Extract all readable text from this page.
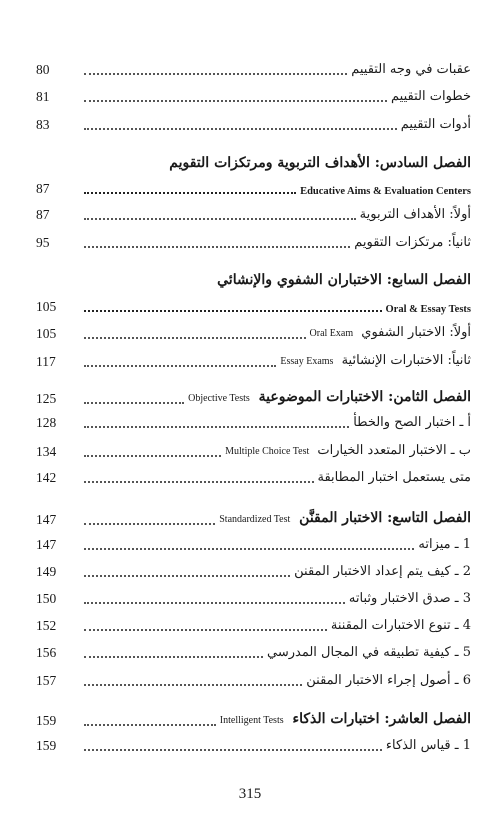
80	عقبات في وجه التقييم
81	خطوات التقييم
83	أدوات التقييم
الفصل السادس: الأهداف التربوية ومرتكزات التقويم
87	Educative Aims & Evaluation Centers
87	أولاً: الأهداف التربوية
95	ثانياً: مرتكزات التقويم
الفصل السابع: الاختباران الشفوي والإنشائي
105	Oral & Essay Tests
105	أولاً: الاختبار الشفوي Oral Exam
117	ثانياً: الاختبارات الإنشائية Essay Exams
125	الفصل الثامن: الاختبارات الموضوعية Objective Tests
128	أ ـ اختبار الصح والخطأ
134	ب ـ الاختبار المتعدد الخيارات Multiple Choice Test
142	متى يستعمل اختبار المطابقة
147	الفصل التاسع: الاختبار المقنَّن Standardized Test
147	1 ـ ميزاته
149	2 ـ كيف يتم إعداد الاختبار المقنن
150	3 ـ صدق الاختبار وثباته
152	4 ـ تنوع الاختبارات المقننة
156	5 ـ كيفية تطبيقه في المجال المدرسي
157	6 ـ أصول إجراء الاختبار المقنن
159	الفصل العاشر: اختبارات الذكاء Intelligent Tests
159	1 ـ قياس الذكاء
315
